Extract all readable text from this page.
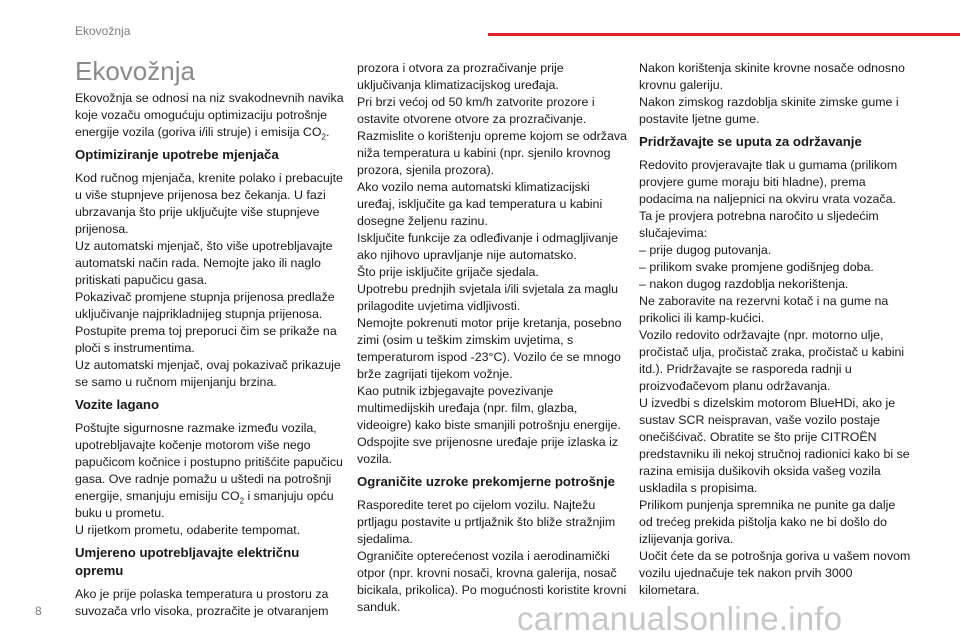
Ekovožnja
Ekovožnja

Ekovožnja se odnosi na niz svakodnevnih navika koje vozaču omogućuju optimizaciju potrošnje energije vozila (goriva i/ili struje) i emisija $CO_2$.

Optimiziranje upotrebe mjenjača

Kod ručnog mjenjača, krenite polako i prebacujte u više stupnjeve prijenosa bez čekanja. U fazi ubrzavanja što prije uključujte više stupnjeve prijenosa.
Uz automatski mjenjač, što više upotrebljavajte automatski način rada. Nemojte jako ili naglo pritiskati papučicu gasa.
Pokazivač promjene stupnja prijenosa predlaže uključivanje najprikladnijeg stupnja prijenosa. Postupite prema toj preporuci čim se prikaže na ploči s instrumentima.
Uz automatski mjenjač, ovaj pokazivač prikazuje se samo u ručnom mijenjanju brzina.

Vozite lagano

Poštujte sigurnosne razmake između vozila, upotrebljavajte kočenje motorom više nego papučicom kočnice i postupno pritišćite papučicu gasa. Ove radnje pomažu u uštedi na potrošnji energije, smanjuju emisiju $CO_2$ i smanjuju opću buku u prometu.
U rijetkom prometu, odaberite tempomat.

Umjereno upotrebljavajte električnu opremu

Ako je prije polaska temperatura u prostoru za suvozača vrlo visoka, prozračite je otvaranjem

prozora i otvora za prozračivanje prije uključivanja klimatizacijskog uređaja.
Pri brzi većoj od 50 km/h zatvorite prozore i ostavite otvorene otvore za prozračivanje.
Razmislite o korištenju opreme kojom se održava niža temperatura u kabini (npr. sjenilo krovnog prozora, sjenila prozora).
Ako vozilo nema automatski klimatizacijski uređaj, isključite ga kad temperatura u kabini dosegne željenu razinu.
Isključite funkcije za odleđivanje i odmagljivanje ako njihovo upravljanje nije automatsko.
Što prije isključite grijače sjedala.
Upotrebu prednjih svjetala i/ili svjetala za maglu prilagodite uvjetima vidljivosti.
Nemojte pokrenuti motor prije kretanja, posebno zimi (osim u teškim zimskim uvjetima, s temperaturom ispod -23°C). Vozilo će se mnogo brže zagrijati tijekom vožnje.
Kao putnik izbjegavajte povezivanje multimedijskih uređaja (npr. film, glazba, videoigre) kako biste smanjili potrošnju energije.
Odspojite sve prijenosne uređaje prije izlaska iz vozila.

Ograničite uzroke prekomjerne potrošnje

Rasporedite teret po cijelom vozilu. Najtežu prtljagu postavite u prtljažnik što bliže stražnjim sjedalima.
Ograničite opterećenost vozila i aerodinamički otpor (npr. krovni nosači, krovna galerija, nosač bicikala, prikolica). Po mogućnosti koristite krovni sanduk.

Nakon korištenja skinite krovne nosače odnosno krovnu galeriju.
Nakon zimskog razdoblja skinite zimske gume i postavite ljetne gume.

Pridržavajte se uputa za održavanje

Redovito provjeravajte tlak u gumama (prilikom provjere gume moraju biti hladne), prema podacima na naljepnici na okviru vrata vozača.
Ta je provjera potrebna naročito u sljedećim slučajevima:
– prije dugog putovanja.
– prilikom svake promjene godišnjeg doba.
– nakon dugog razdoblja nekorištenja.
Ne zaboravite na rezervni kotač i na gume na prikolici ili kamp-kućici.
Vozilo redovito održavajte (npr. motorno ulje, pročistač ulja, pročistač zraka, pročistač u kabini itd.). Pridržavajte se rasporeda radnji u proizvođačevom planu održavanja.
U izvedbi s dizelskim motorom BlueHDi, ako je sustav SCR neispravan, vaše vozilo postaje onečišćivač. Obratite se što prije CITROËN predstavniku ili nekoj stručnoj radionici kako bi se razina emisija dušikovih oksida vašeg vozila uskladila s propisima.
Prilikom punjenja spremnika ne punite ga dalje od trećeg prekida pištolja kako ne bi došlo do izlijevanja goriva.
Uočit ćete da se potrošnja goriva u vašem novom vozilu ujednačuje tek nakon prvih 3000 kilometara.

8	carmanualsonline.info
